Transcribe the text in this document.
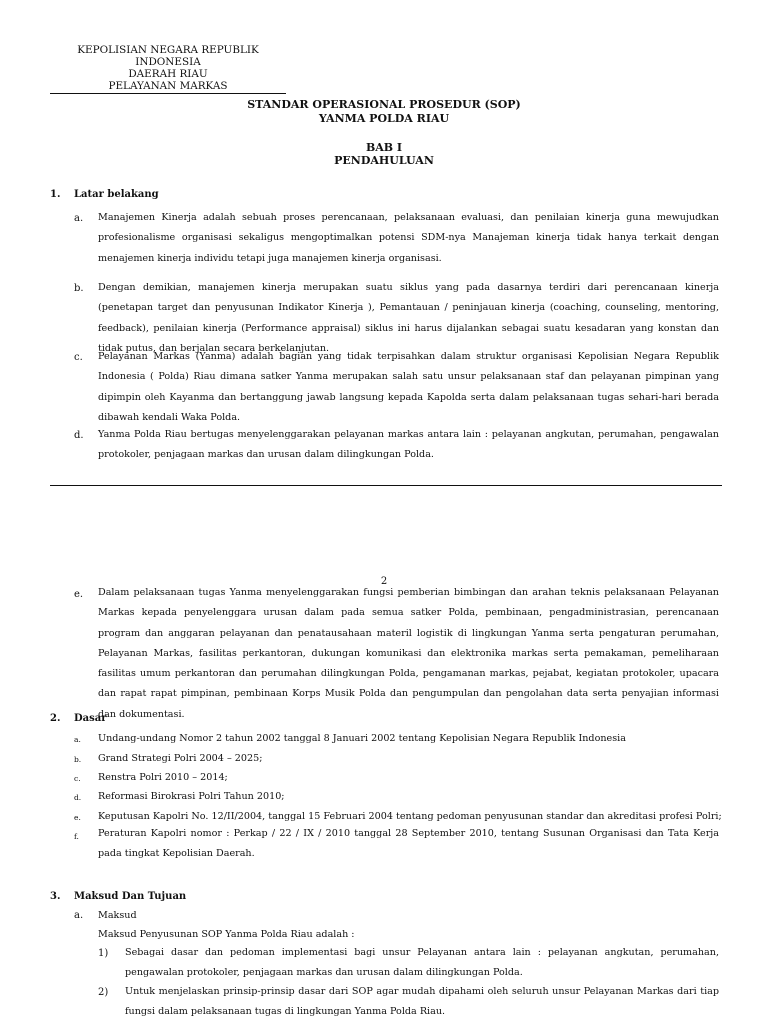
KEPOLISIAN NEGARA REPUBLIK INDONESIA
DAERAH RIAU
PELAYANAN MARKAS
STANDAR OPERASIONAL PROSEDUR (SOP)
YANMA POLDA RIAU
BAB I
PENDAHULUAN
1. Latar belakang
a. Manajemen Kinerja adalah sebuah proses perencanaan, pelaksanaan evaluasi, dan penilaian kinerja guna mewujudkan profesionalisme organisasi sekaligus mengoptimalkan potensi SDM-nya Manajeman kinerja tidak hanya terkait dengan menajemen kinerja individu tetapi juga manajemen kinerja organisasi.
b. Dengan demikian, manajemen kinerja merupakan suatu siklus yang pada dasarnya terdiri dari perencanaan kinerja (penetapan target dan penyusunan Indikator Kinerja ), Pemantauan / peninjauan kinerja (coaching, counseling, mentoring, feedback), penilaian kinerja (Performance appraisal) siklus ini harus dijalankan sebagai suatu kesadaran yang konstan dan tidak putus, dan berjalan secara berkelanjutan.
c. Pelayanan Markas (Yanma) adalah bagian yang tidak terpisahkan dalam struktur organisasi Kepolisian Negara Republik Indonesia ( Polda) Riau dimana satker Yanma merupakan salah satu unsur pelaksanaan staf dan pelayanan pimpinan yang dipimpin oleh Kayanma dan bertanggung jawab langsung kepada Kapolda serta dalam pelaksanaan tugas sehari-hari berada dibawah kendali Waka Polda.
d. Yanma Polda Riau bertugas menyelenggarakan pelayanan markas antara lain : pelayanan angkutan, perumahan, pengawalan protokoler, penjagaan markas dan urusan dalam dilingkungan Polda.
2
e. Dalam pelaksanaan tugas Yanma menyelenggarakan fungsi pemberian bimbingan dan arahan teknis pelaksanaan Pelayanan Markas kepada penyelenggara urusan dalam pada semua satker Polda, pembinaan, pengadministrasian, perencanaan program dan anggaran pelayanan dan penatausahaan materil logistik di lingkungan Yanma serta pengaturan perumahan, Pelayanan Markas, fasilitas perkantoran, dukungan komunikasi dan elektronika markas serta pemakaman, pemeliharaan fasilitas umum perkantoran dan perumahan dilingkungan Polda, pengamanan markas, pejabat, kegiatan protokoler, upacara dan rapat rapat pimpinan, pembinaan Korps Musik Polda dan pengumpulan dan pengolahan data serta penyajian informasi dan dokumentasi.
2. Dasar
a. Undang-undang Nomor 2 tahun 2002 tanggal 8 Januari 2002 tentang Kepolisian Negara Republik Indonesia
b. Grand Strategi Polri 2004 – 2025;
c. Renstra Polri 2010 – 2014;
d. Reformasi Birokrasi Polri Tahun 2010;
e. Keputusan Kapolri No. 12/II/2004, tanggal 15 Februari 2004 tentang pedoman penyusunan standar dan akreditasi profesi Polri;
f. Peraturan Kapolri nomor : Perkap / 22 / IX / 2010 tanggal 28 September 2010, tentang Susunan Organisasi dan Tata Kerja pada tingkat Kepolisian Daerah.
3. Maksud Dan Tujuan
a. Maksud
Maksud Penyusunan SOP Yanma Polda Riau adalah :
1) Sebagai dasar dan pedoman implementasi bagi unsur Pelayanan antara lain : pelayanan angkutan, perumahan, pengawalan protokoler, penjagaan markas dan urusan dalam dilingkungan Polda.
2) Untuk menjelaskan prinsip-prinsip dasar dari SOP agar mudah dipahami oleh seluruh unsur Pelayanan Markas dari tiap fungsi dalam pelaksanaan tugas di lingkungan Yanma Polda Riau.
